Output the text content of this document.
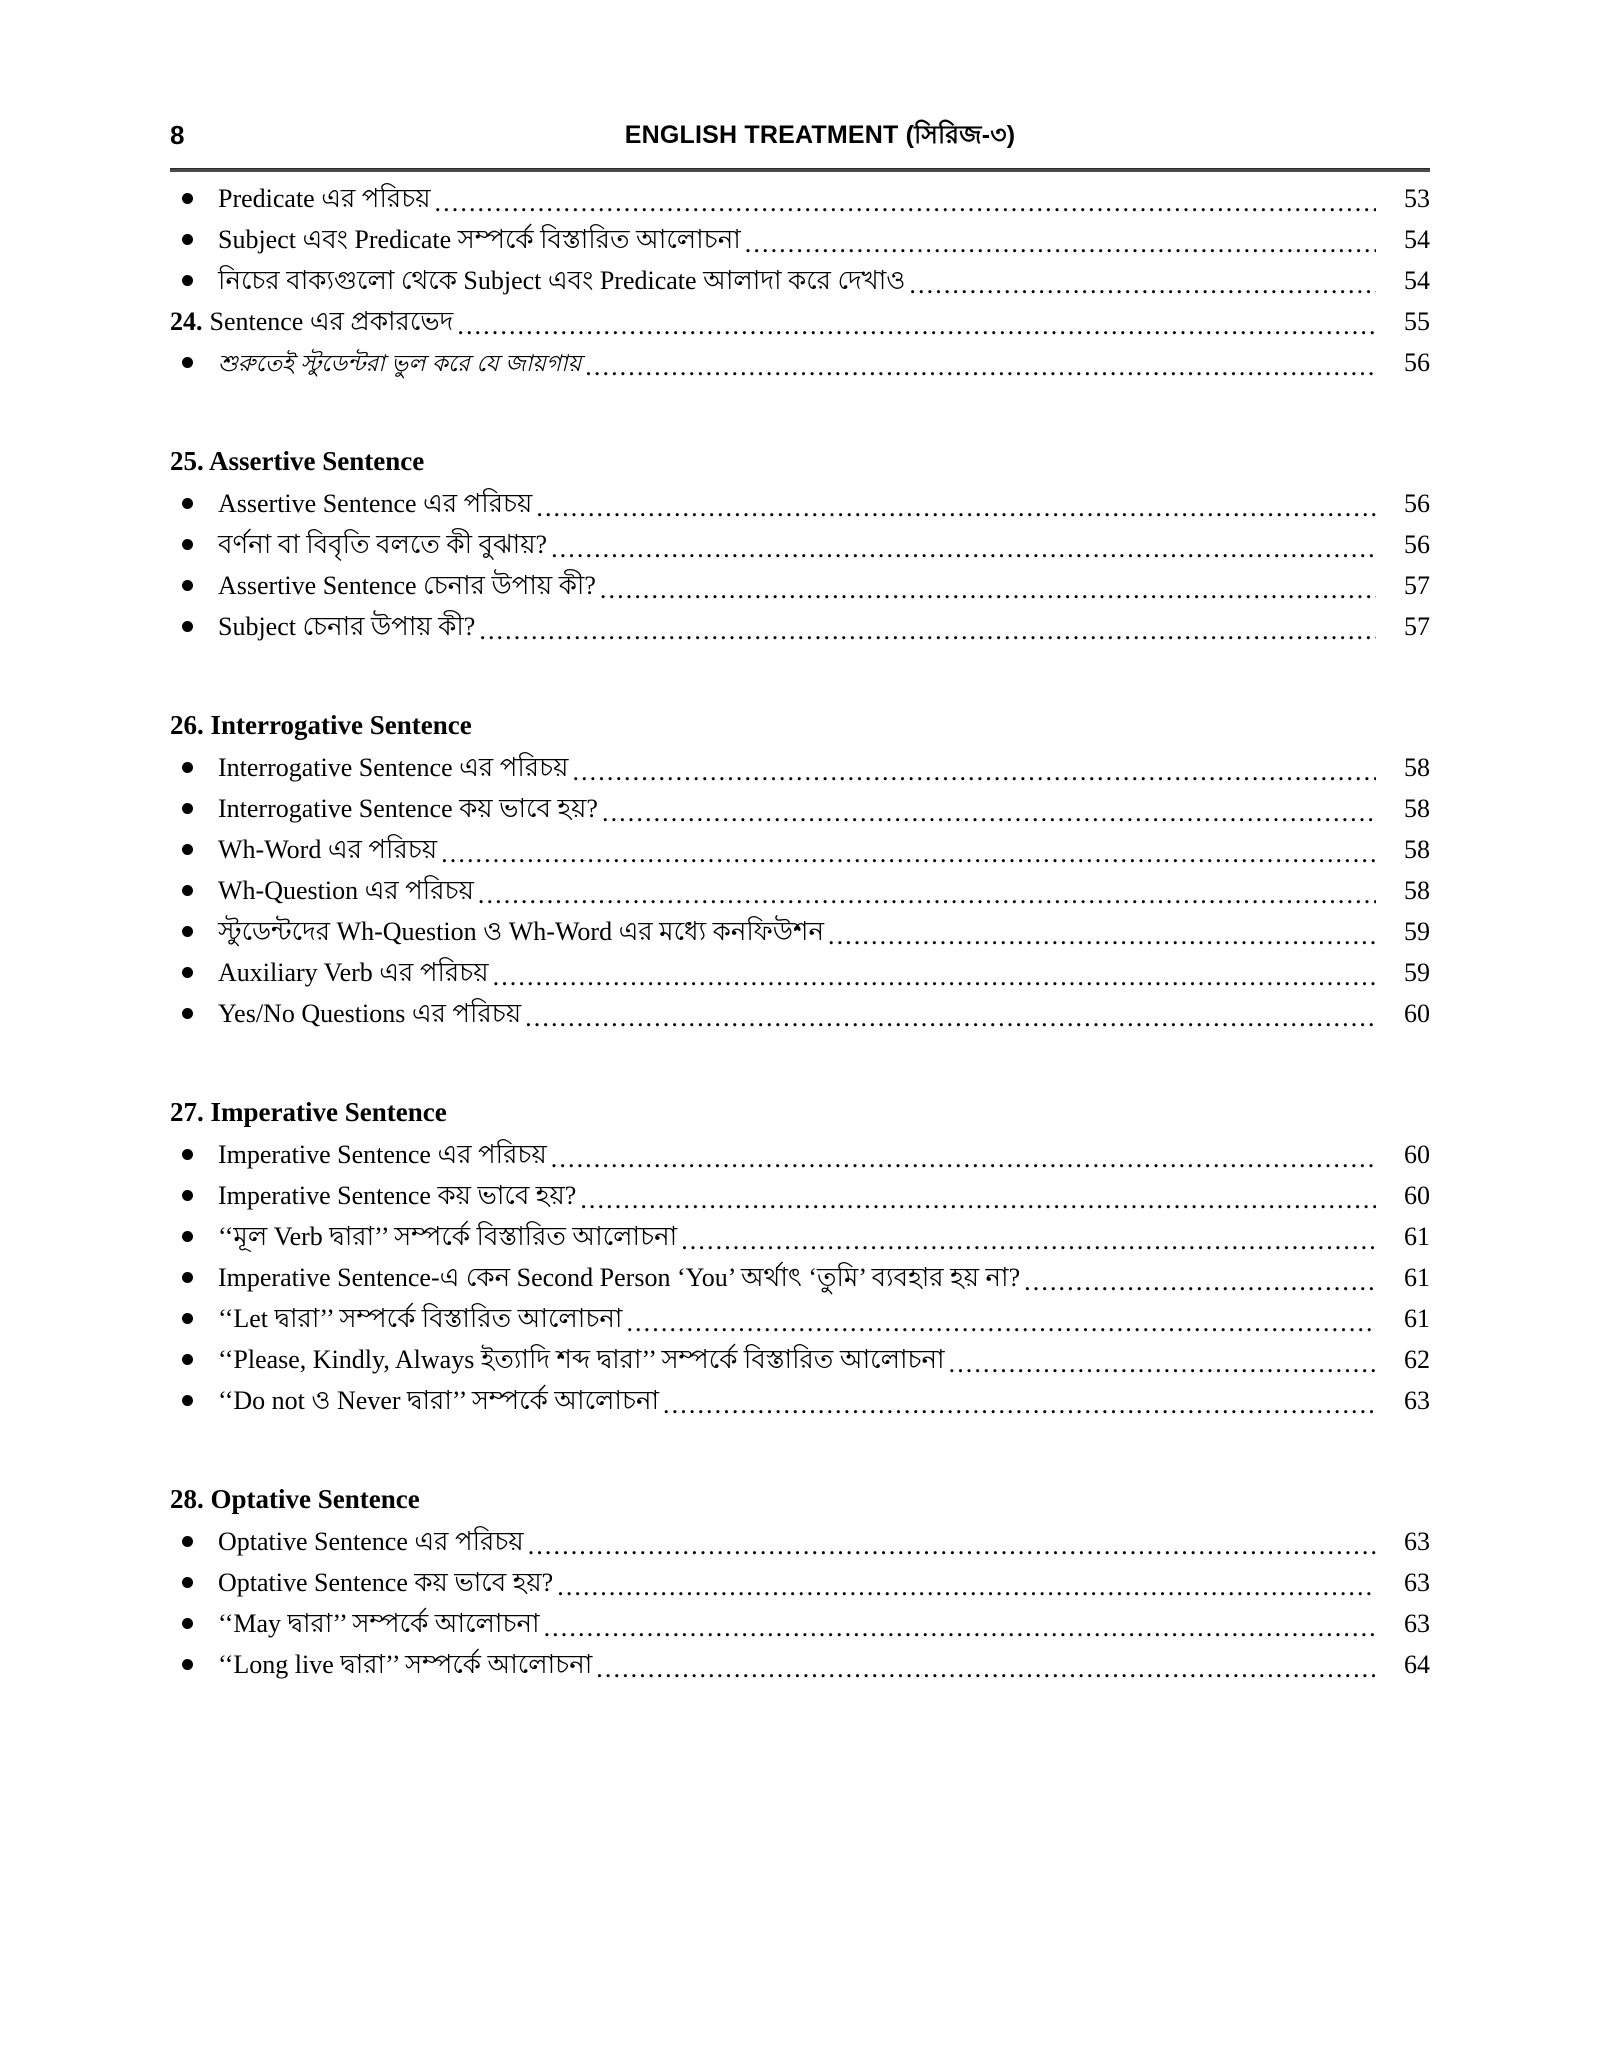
8	ENGLISH TREATMENT (সিরিজ-৩)
Predicate এর পরিচয় . . .	53
Subject এবং Predicate সম্পর্কে বিস্তারিত আলোচনা . . .	54
নিচের বাক্যগুলো থেকে Subject এবং Predicate আলাদা করে দেখাও . . .	54
24. Sentence এর প্রকারভেদ . . .	55
শুরুতেই স্টুডেন্টরা ভুল করে যে জায়গায় . . .	56
25. Assertive Sentence
Assertive Sentence এর পরিচয় . . .	56
বর্ণনা বা বিবৃতি বলতে কী বুঝায়? . . .	56
Assertive Sentence চেনার উপায় কী? . . .	57
Subject চেনার উপায় কী? . . .	57
26. Interrogative Sentence
Interrogative Sentence এর পরিচয় . . .	58
Interrogative Sentence কয় ভাবে হয়? . . .	58
Wh-Word এর পরিচয় . . .	58
Wh-Question এর পরিচয় . . .	58
স্টুডেন্টদের Wh-Question ও Wh-Word এর মধ্যে কনফিউশন . . .	59
Auxiliary Verb এর পরিচয় . . .	59
Yes/No Questions এর পরিচয় . . .	60
27. Imperative Sentence
Imperative Sentence এর পরিচয় . . .	60
Imperative Sentence কয় ভাবে হয়? . . .	60
‘‘মূল Verb দ্বারা’’ সম্পর্কে বিস্তারিত আলোচনা . . .	61
Imperative Sentence-এ কেন Second Person ‘You’ অর্থাৎ ‘তুমি’ ব্যবহার হয় না? . . .	61
‘‘Let দ্বারা’’ সম্পর্কে বিস্তারিত আলোচনা . . .	61
‘‘Please, Kindly, Always ইত্যাদি শব্দ দ্বারা’’ সম্পর্কে বিস্তারিত আলোচনা . . .	62
‘‘Do not ও Never দ্বারা’’ সম্পর্কে আলোচনা . . .	63
28. Optative Sentence
Optative Sentence এর পরিচয় . . .	63
Optative Sentence কয় ভাবে হয়? . . .	63
‘‘May দ্বারা’’ সম্পর্কে আলোচনা . . .	63
‘‘Long live দ্বারা’’ সম্পর্কে আলোচনা . . .	64
